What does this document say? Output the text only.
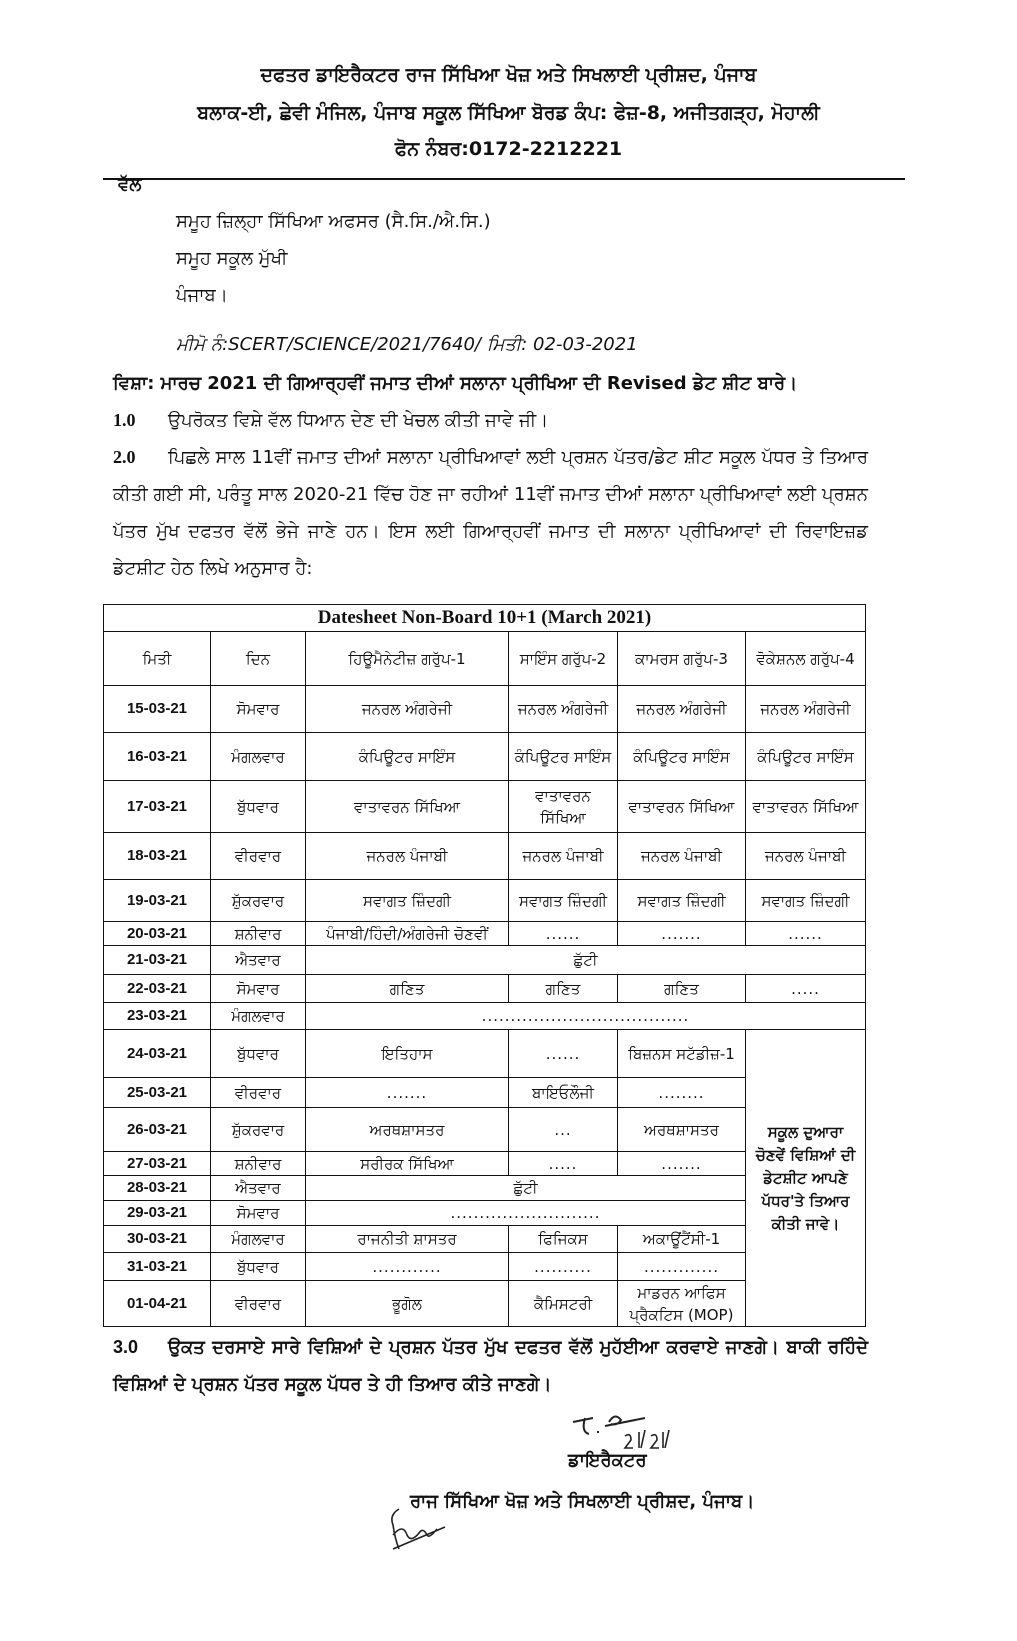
ਦਫਤਰ ਡਾਇਰੈਕਟਰ ਰਾਜ ਸਿੱਖਿਆ ਖੋਜ਼ ਅਤੇ ਸਿਖਲਾਈ ਪ੍ਰੀਸ਼ਦ, ਪੰਜਾਬ
ਬਲਾਕ-ਈ, ਛੇਵੀ ਮੰਜਿਲ, ਪੰਜਾਬ ਸਕੂਲ ਸਿੱਖਿਆ ਬੋਰਡ ਕੰਪ: ਫੇਜ਼-8, ਅਜੀਤਗੜ੍ਹ, ਮੋਹਾਲੀ
ਫੋਨ ਨੰਬਰ:0172-2212221
ਵੱਲ
ਸਮੂਹ ਜ਼ਿਲ੍ਹਾ ਸਿੱਖਿਆ ਅਫਸਰ (ਸੈ.ਸਿ./ਐ.ਸਿ.)
ਸਮੂਹ ਸਕੂਲ ਮੁੱਖੀ
ਪੰਜਾਬ।
ਮੀਮੋ ਨੰ:SCERT/SCIENCE/2021/7640/ ਮਿਤੀ: 02-03-2021
ਵਿਸ਼ਾ: ਮਾਰਚ 2021 ਦੀ ਗਿਆਰ੍ਹਵੀਂ ਜਮਾਤ ਦੀਆਂ ਸਲਾਨਾ ਪ੍ਰੀਖਿਆ ਦੀ Revised ਡੇਟ ਸ਼ੀਟ ਬਾਰੇ।
1.0 ਉਪਰੋਕਤ ਵਿਸ਼ੇ ਵੱਲ ਧਿਆਨ ਦੇਣ ਦੀ ਖੇਚਲ ਕੀਤੀ ਜਾਵੇ ਜੀ।
2.0 ਪਿਛਲੇ ਸਾਲ 11ਵੀਂ ਜਮਾਤ ਦੀਆਂ ਸਲਾਨਾ ਪ੍ਰੀਖਿਆਵਾਂ ਲਈ ਪ੍ਰਸ਼ਨ ਪੱਤਰ/ਡੇਟ ਸ਼ੀਟ ਸਕੂਲ ਪੱਧਰ ਤੇ ਤਿਆਰ ਕੀਤੀ ਗਈ ਸੀ, ਪਰੰਤੂ ਸਾਲ 2020-21 ਵਿੱਚ ਹੋਣ ਜਾ ਰਹੀਆਂ 11ਵੀਂ ਜਮਾਤ ਦੀਆਂ ਸਲਾਨਾ ਪ੍ਰੀਖਿਆਵਾਂ ਲਈ ਪ੍ਰਸ਼ਨ ਪੱਤਰ ਮੁੱਖ ਦਫਤਰ ਵੱਲੋਂ ਭੇਜੇ ਜਾਣੇ ਹਨ। ਇਸ ਲਈ ਗਿਆਰ੍ਹਵੀਂ ਜਮਾਤ ਦੀ ਸਲਾਨਾ ਪ੍ਰੀਖਿਆਵਾਂ ਦੀ ਰਿਵਾਇਜ਼ਡ ਡੇਟਸ਼ੀਟ ਹੇਠ ਲਿਖੇ ਅਨੁਸਾਰ ਹੈ:
Datesheet Non-Board 10+1 (March 2021)					
ਮਿਤੀ	ਦਿਨ	ਹਿਊਮੈਨੇਟੀਜ਼ ਗਰੁੱਪ-1	ਸਾਇੰਸ ਗਰੁੱਪ-2	ਕਾਮਰਸ ਗਰੁੱਪ-3	ਵੋਕੇਸ਼ਨਲ ਗਰੁੱਪ-4
15-03-21	ਸੋਮਵਾਰ	ਜਨਰਲ ਅੰਗਰੇਜੀ	ਜਨਰਲ ਅੰਗਰੇਜੀ	ਜਨਰਲ ਅੰਗਰੇਜੀ	ਜਨਰਲ ਅੰਗਰੇਜੀ
16-03-21	ਮੰਗਲਵਾਰ	ਕੰਪਿਊਟਰ ਸਾਇੰਸ	ਕੰਪਿਊਟਰ ਸਾਇੰਸ	ਕੰਪਿਊਟਰ ਸਾਇੰਸ	ਕੰਪਿਊਟਰ ਸਾਇੰਸ
17-03-21	ਬੁੱਧਵਾਰ	ਵਾਤਾਵਰਨ ਸਿੱਖਿਆ	ਵਾਤਾਵਰਨ ਸਿੱਖਿਆ	ਵਾਤਾਵਰਨ ਸਿੱਖਿਆ	ਵਾਤਾਵਰਨ ਸਿੱਖਿਆ
18-03-21	ਵੀਰਵਾਰ	ਜਨਰਲ ਪੰਜਾਬੀ	ਜਨਰਲ ਪੰਜਾਬੀ	ਜਨਰਲ ਪੰਜਾਬੀ	ਜਨਰਲ ਪੰਜਾਬੀ
19-03-21	ਸ਼ੁੱਕਰਵਾਰ	ਸਵਾਗਤ ਜ਼ਿੰਦਗੀ	ਸਵਾਗਤ ਜ਼ਿੰਦਗੀ	ਸਵਾਗਤ ਜ਼ਿੰਦਗੀ	ਸਵਾਗਤ ਜ਼ਿੰਦਗੀ
20-03-21	ਸ਼ਨੀਵਾਰ	ਪੰਜਾਬੀ/ਹਿੰਦੀ/ਅੰਗਰੇਜੀ ਚੋਣਵੀਂ	......	.......	......
21-03-21	ਐਤਵਾਰ	ਛੁੱਟੀ			
22-03-21	ਸੋਮਵਾਰ	ਗਣਿਤ	ਗਣਿਤ	ਗਣਿਤ	.....
23-03-21	ਮੰਗਲਵਾਰ	....................................			
24-03-21	ਬੁੱਧਵਾਰ	ਇਤਿਹਾਸ	......	ਬਿਜ਼ਨਸ ਸਟੱਡੀਜ਼-1	ਸਕੂਲ ਦੁਆਰਾ ਚੋਣਵੇਂ ਵਿਸ਼ਿਆਂ ਦੀ ਡੇਟਸ਼ੀਟ ਆਪਣੇ ਪੱਧਰ'ਤੇ ਤਿਆਰ ਕੀਤੀ ਜਾਵੇ।
25-03-21	ਵੀਰਵਾਰ	.......	ਬਾਇਓਲੌਜੀ	........	
26-03-21	ਸ਼ੁੱਕਰਵਾਰ	ਅਰਥਸ਼ਾਸਤਰ	...	ਅਰਥਸ਼ਾਸਤਰ	
27-03-21	ਸ਼ਨੀਵਾਰ	ਸਰੀਰਕ ਸਿੱਖਿਆ	.....	.......	
28-03-21	ਐਤਵਾਰ	ਛੁੱਟੀ			
29-03-21	ਸੋਮਵਾਰ	..........................			
30-03-21	ਮੰਗਲਵਾਰ	ਰਾਜਨੀਤੀ ਸ਼ਾਸਤਰ	ਫਿਜਿਕਸ	ਅਕਾਊਂਟੈਂਸੀ-1	
31-03-21	ਬੁੱਧਵਾਰ	............	..........	.............	
01-04-21	ਵੀਰਵਾਰ	ਭੂਗੋਲ	ਕੈਮਿਸਟਰੀ	ਮਾਡਰਨ ਆਫਿਸ ਪ੍ਰੈਕਟਿਸ (MOP)	
3.0 ਉਕਤ ਦਰਸਾਏ ਸਾਰੇ ਵਿਸ਼ਿਆਂ ਦੇ ਪ੍ਰਸ਼ਨ ਪੱਤਰ ਮੁੱਖ ਦਫਤਰ ਵੱਲੋਂ ਮੁਹੱਈਆ ਕਰਵਾਏ ਜਾਣਗੇ। ਬਾਕੀ ਰਹਿੰਦੇ ਵਿਸ਼ਿਆਂ ਦੇ ਪ੍ਰਸ਼ਨ ਪੱਤਰ ਸਕੂਲ ਪੱਧਰ ਤੇ ਹੀ ਤਿਆਰ ਕੀਤੇ ਜਾਣਗੇ।
ਡਾਇਰੈਕਟਰ
ਰਾਜ ਸਿੱਖਿਆ ਖੋਜ਼ ਅਤੇ ਸਿਖਲਾਈ ਪ੍ਰੀਸ਼ਦ, ਪੰਜਾਬ।
